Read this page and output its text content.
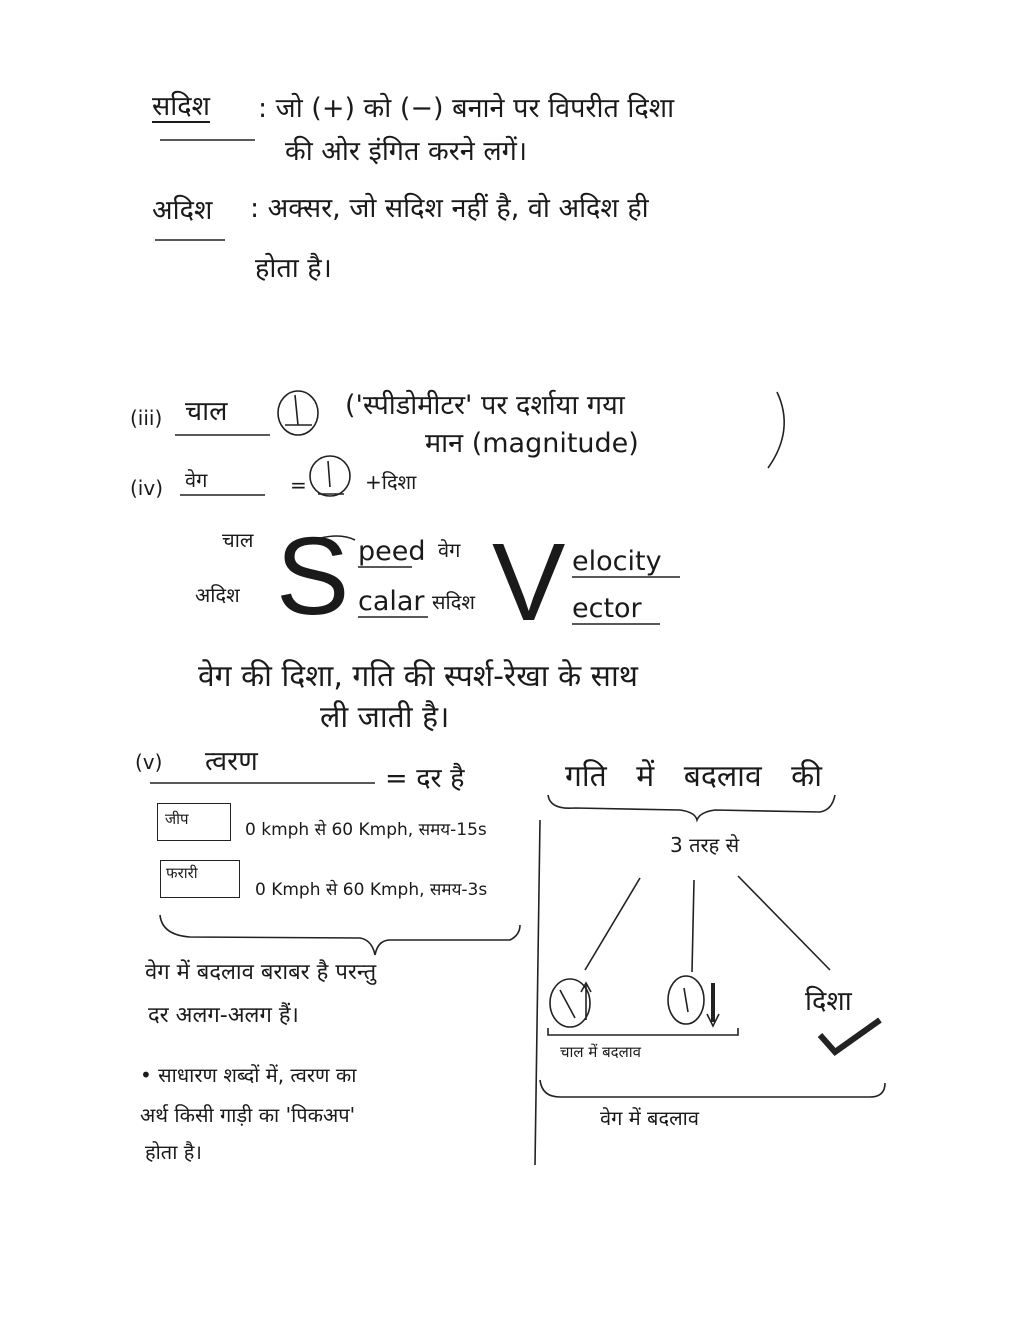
सदिश : जो (+) को (−) बनाने पर विपरीत दिशा
की ओर इंगित करने लगें।
अदिश : अक्सर, जो सदिश नहीं है, वो अदिश ही
होता है।
(iii) चाल	('स्पीडोमीटर' पर दर्शाया गया
मान (magnitude)
(iv) वेग	=	+दिशा
चाल S peed
अदिश	calar
वेग V elocity
सदिश	ector
वेग की दिशा, गति की स्पर्श-रेखा के साथ
ली जाती है।
(v) त्वरण
= दर है	गति में बदलाव की
जीप
0 kmph से 60 Kmph, समय-15s
फरारी
0 Kmph से 60 Kmph, समय-3s
3 तरह से
वेग में बदलाव बराबर है परन्तु
दर अलग-अलग हैं।	दिशा
चाल में बदलाव
वेग में बदलाव
• साधारण शब्दों में, त्वरण का
अर्थ किसी गाड़ी का 'पिकअप'
होता है।
